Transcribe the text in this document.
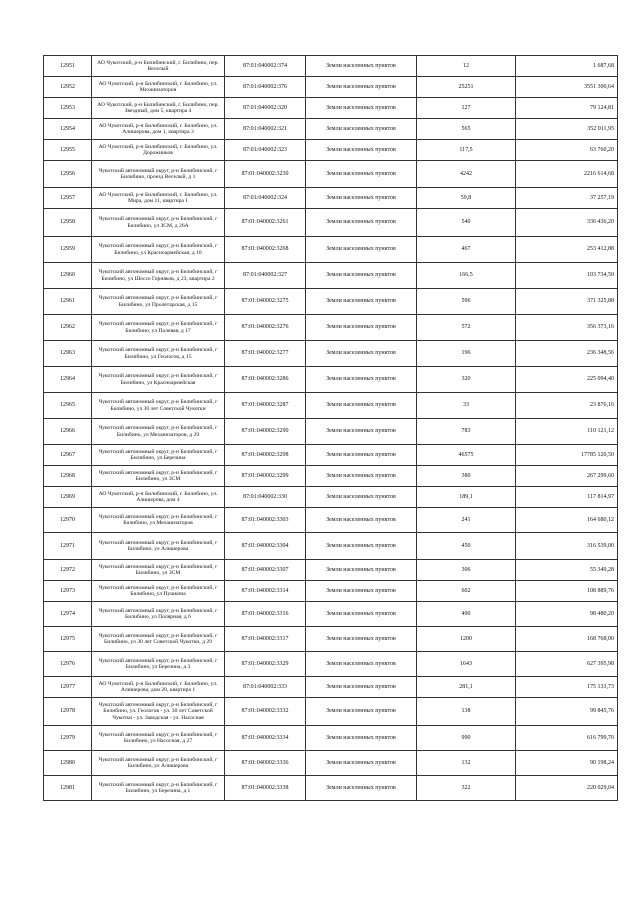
12951	АО Чукотский, р-н Билибинский, г. Билибино, пер. Веселый	87:01:040002:374	Земли населенных пунктов	12	1 687,68
12952	АО Чукотский, р-н Билибинский, г. Билибино, ул. Механизаторов	87:01:040002:376	Земли населенных пунктов	25251	3551 300,64
12953	АО Чукотский, р-н Билибинский, г. Билибино, пер. Звездный, дом 5, квартира 4	87:01:040002:320	Земли населенных пунктов	127	79 124,81
12954	АО Чукотский, р-н Билибинский, г. Билибино, ул. Алишерова, дом 1, квартира 3	87:01:040002:321	Земли населенных пунктов	565	352 011,95
12955	АО Чукотский, р-н Билибинский, г. Билибино, ул. Дорожников	87:01:040002:323	Земли населенных пунктов	117,5	63 760,20
12956	Чукотский автономный округ, р-н Билибинский, г Билибино, проезд Веселый, д 1	87:01:040002:3230	Земли населенных пунктов	4242	2216 614,68
12957	АО Чукотский, р-н Билибинский, г. Билибино, ул. Мира, дом 11, квартира 1	87:01:040002:324	Земли населенных пунктов	59,8	37 257,19
12958	Чукотский автономный округ, р-н Билибинский, г Билибино, ул ЗСМ, д 26А	87:01:040002:3261	Земли населенных пунктов	540	336 436,20
12959	Чукотский автономный округ, р-н Билибинский, г Билибино, ул Красноармейская, д 10	87:01:040002:3268	Земли населенных пунктов	467	253 412,88
12960	Чукотский автономный округ, р-н Билибинский, г Билибино, ул Шоссе Горняков, д 23, квартира 2	87:01:040002:327	Земли населенных пунктов	166,5	103 734,50
12961	Чукотский автономный округ, р-н Билибинский, г Билибино, ул Пролетарская, д 15	87:01:040002:3275	Земли населенных пунктов	596	371 325,88
12962	Чукотский автономный округ, р-н Билибинский, г Билибино, ул Полевая, д 17	87:01:040002:3276	Земли населенных пунктов	572	356 373,16
12963	Чукотский автономный округ, р-н Билибинский, г Билибино, ул Геологов, д 15	87:01:040002:3277	Земли населенных пунктов	196	236 348,56
12964	Чукотский автономный округ, р-н Билибинский, г Билибино, ул Красноармейская	87:01:040002:3286	Земли населенных пунктов	320	225 094,40
12965	Чукотский автономный округ, р-н Билибинский, г Билибино, ул 30 лет Советской Чукотки	87:01:040002:3287	Земли населенных пунктов	33	23 876,16
12966	Чукотский автономный округ, р-н Билибинский, г Билибино, ул Механизаторов, д 29	87:01:040002:3290	Земли населенных пунктов	783	110 121,12
12967	Чукотский автономный округ, р-н Билибинский, г Билибино, ул Березина	87:01:040002:3298	Земли населенных пунктов	46575	17785 120,50
12968	Чукотский автономный округ, р-н Билибинский, г Билибино, ул ЗСМ	87:01:040002:3299	Земли населенных пунктов	380	267 299,60
12969	АО Чукотский, р-н Билибинский, г. Билибино, ул. Алишерова, дом 4	87:01:040002:330	Земли населенных пунктов	189,1	117 814,97
12970	Чукотский автономный округ, р-н Билибинский, г Билибино, ул Механизаторов	87:01:040002:3303	Земли населенных пунктов	241	164 680,12
12971	Чукотский автономный округ, р-н Билибинский, г Билибино, ул Алишерова	87:01:040002:3304	Земли населенных пунктов	450	316 539,00
12972	Чукотский автономный округ, р-н Билибинский, г Билибино, ул ЗСМ	87:01:040002:3307	Земли населенных пунктов	306	55 349,28
12973	Чукотский автономный округ, р-н Билибинский, г Билибино, ул Пушкина	87:01:040002:3314	Земли населенных пунктов	602	108 889,76
12974	Чукотский автономный округ, р-н Билибинский, г Билибино, ул Полярная, д 6	87:01:040002:3316	Земли населенных пунктов	490	98 480,20
12975	Чукотский автономный округ, р-н Билибинский, г Билибино, ул 30 лет Советской Чукотки, д 29	87:01:040002:3317	Земли населенных пунктов	1200	168 768,00
12976	Чукотский автономный округ, р-н Билибинский, г Билибино, ул Березина, д 3	87:01:040002:3329	Земли населенных пунктов	1643	627 395,98
12977	АО Чукотский, р-н Билибинский, г. Билибино, ул. Алишерова, дом 20, квартира 1	87:01:040002:333	Земли населенных пунктов	281,1	175 133,73
12978	Чукотский автономный округ, р-н Билибинский, г Билибино, ул. Геологов - ул. 30 лет Советской Чукотки - ул. Заводская - ул. Насосная	87:01:040002:3332	Земли населенных пунктов	138	99 845,76
12979	Чукотский автономный округ, р-н Билибинский, г Билибино, ул Насосная, д 27	87:01:040002:3334	Земли населенных пунктов	990	616 799,70
12980	Чукотский автономный округ, р-н Билибинский, г Билибино, ул Алишерова	87:01:040002:3336	Земли населенных пунктов	132	90 198,24
12981	Чукотский автономный округ, р-н Билибинский, г Билибино, ул Березина, д 1	87:01:040002:3338	Земли населенных пунктов	322	220 029,04
